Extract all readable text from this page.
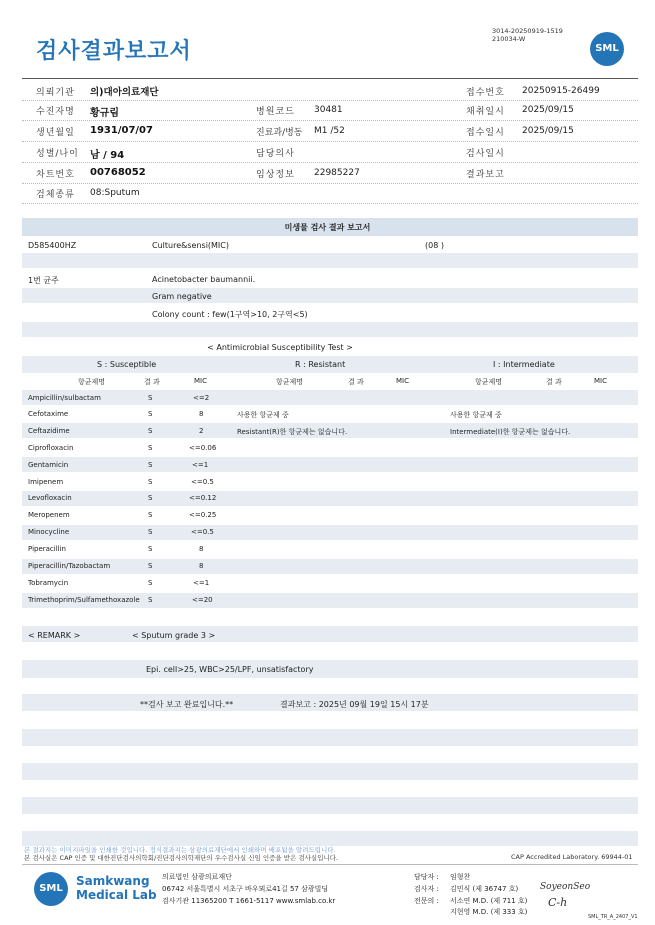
검사결과보고서
3014-20250919-1519
210034-W
SML
의뢰기관 의)대아의료재단
수진자명 황규림
생년월일 1931/07/07
성별/나이 남 / 94
차트번호 00768052
검체종류 08:Sputum
병원코드 30481
진료과/병동 M1 /52
담당의사
임상정보 22985227
접수번호 20250915-26499
채취일시 2025/09/15
접수일시 2025/09/15
검사일시
결과보고
미생물 검사 결과 보고서
D585400HZ	Culture&sensi(MIC)	(08 )
1번 균주	Acinetobacter baumannii.
Gram negative
Colony count : few(1구역>10, 2구역<5)
< Antimicrobial Susceptibility Test >
S : Susceptible	R : Resistant	I : Intermediate
항균제명	결 과	MIC	항균제명	결 과	MIC	항균제명	결 과	MIC
Ampicillin/sulbactam	S	<=2
Cefotaxime	S	8
Ceftazidime	S	2
Ciprofloxacin	S	<=0.06
Gentamicin	S	<=1
Imipenem	S	<=0.5
Levofloxacin	S	<=0.12
Meropenem	S	<=0.25
Minocycline	S	<=0.5
Piperacillin	S	8
Piperacillin/Tazobactam	S	8
Tobramycin	S	<=1
Trimethoprim/Sulfamethoxazole S	<=20
사용한 항균제 중
Resistant(R)한 항균제는 없습니다.
사용한 항균제 중
Intermediate(I)한 항균제는 없습니다.
< REMARK >	< Sputum grade 3 >
Epi. cell>25, WBC>25/LPF, unsatisfactory
**검사 보고 완료입니다.**	결과보고 : 2025년 09월 19일 15시 17분
본 결과지는 이미지파일을 인쇄한 것입니다. 정식결과지는 삼광의료재단에서 인쇄하며 배포됨을 알려드립니다.
본 검사실은 CAP 인증 및 대한진단검사의학회/진단검사의학재단의 우수검사실 신임 인증을 받은 검사실입니다.	CAP Accredited Laboratory. 69944-01
SML
Samkwang
Medical Lab
의료법인 삼광의료재단
06742 서울특별시 서초구 바우뫼로41길 57 삼광빌딩
검사기관 11365200 T 1661-5117 www.smlab.co.kr
담당자 : 임형찬
검사자 : 김민식 (제 36747 호)
전문의 : 서소연 M.D. (제 711 호)
지현영 M.D. (제 333 호)
SoyeonSeo
C-h
SML_TR_A_2407_V1
